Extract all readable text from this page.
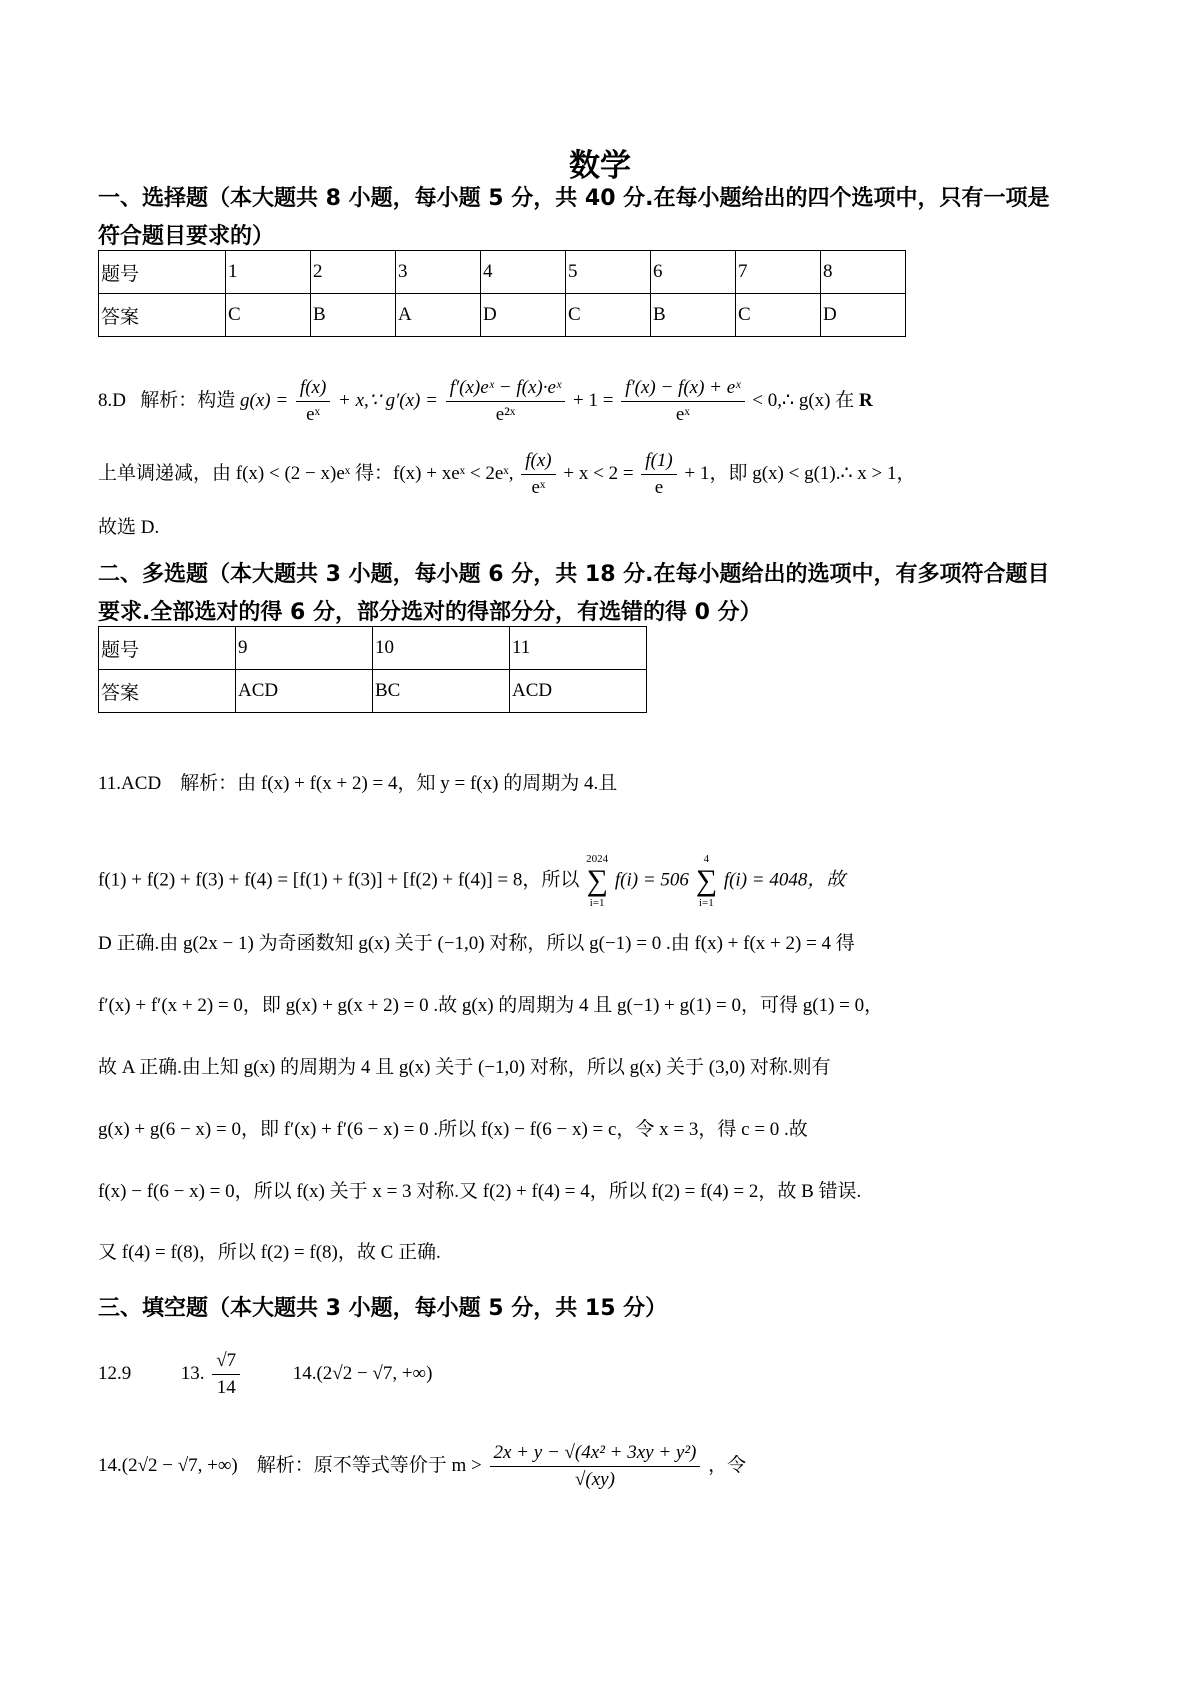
数学
一、选择题（本大题共 8 小题，每小题 5 分，共 40 分.在每小题给出的四个选项中，只有一项是
符合题目要求的）
题号	1	2	3	4	5	6	7	8
答案	C	B	A	D	C	B	C	D
8.D 解析：构造 $g(x) = \frac{f(x)}{\text{eˣ}}$ + x,∵ $g'(x) = \frac{\text{f′(x)eˣ − f(x)·eˣ}}{\text{e²ˣ}} + 1 = \frac{\text{f′(x) − f(x) + eˣ}}{\text{eˣ}}$ < 0,∴ g(x) 在 R
上单调递减，由 f(x) < (2 − x)eˣ 得：f(x) + xeˣ < 2eˣ, $\frac{f(x)}{\text{eˣ}} + x < 2 = \frac{f(1)}{e} + 1$，即 g(x) < g(1).∴ x > 1，
故选 D.
二、多选题（本大题共 3 小题，每小题 6 分，共 18 分.在每小题给出的选项中，有多项符合题目
要求.全部选对的得 6 分，部分选对的得部分分，有选错的得 0 分）
题号	9	10	11
答案	ACD	BC	ACD
11.ACD　解析：由 f(x) + f(x + 2) = 4，知 y = f(x) 的周期为 4.且
f(1) + f(2) + f(3) + f(4) = [f(1) + f(3)] + [f(2) + f(4)] = 8，所以
2024
∑
i=1
f(i) = 506
4
∑
i=1
f(i) = 4048，故
D 正确.由 g(2x − 1) 为奇函数知 g(x) 关于 (−1,0) 对称，所以 g(−1) = 0 .由 f(x) + f(x + 2) = 4 得
f′(x) + f′(x + 2) = 0，即 g(x) + g(x + 2) = 0 .故 g(x) 的周期为 4 且 g(−1) + g(1) = 0，可得 g(1) = 0，
故 A 正确.由上知 g(x) 的周期为 4 且 g(x) 关于 (−1,0) 对称，所以 g(x) 关于 (3,0) 对称.则有
g(x) + g(6 − x) = 0，即 f′(x) + f′(6 − x) = 0 .所以 f(x) − f(6 − x) = c，令 x = 3，得 c = 0 .故
f(x) − f(6 − x) = 0，所以 f(x) 关于 x = 3 对称.又 f(2) + f(4) = 4，所以 f(2) = f(4) = 2，故 B 错误.
又 f(4) = f(8)，所以 f(2) = f(8)，故 C 正确.
三、填空题（本大题共 3 小题，每小题 5 分，共 15 分）
12.9	13. $\frac{√7}{14}$	14.(2√2 − √7, +∞)
14.(2√2 − √7, +∞) 解析：原不等式等价于 $m > \frac{\text{2x + y − √(4x² + 3xy + y²)}}{√(xy)}$ ，令
